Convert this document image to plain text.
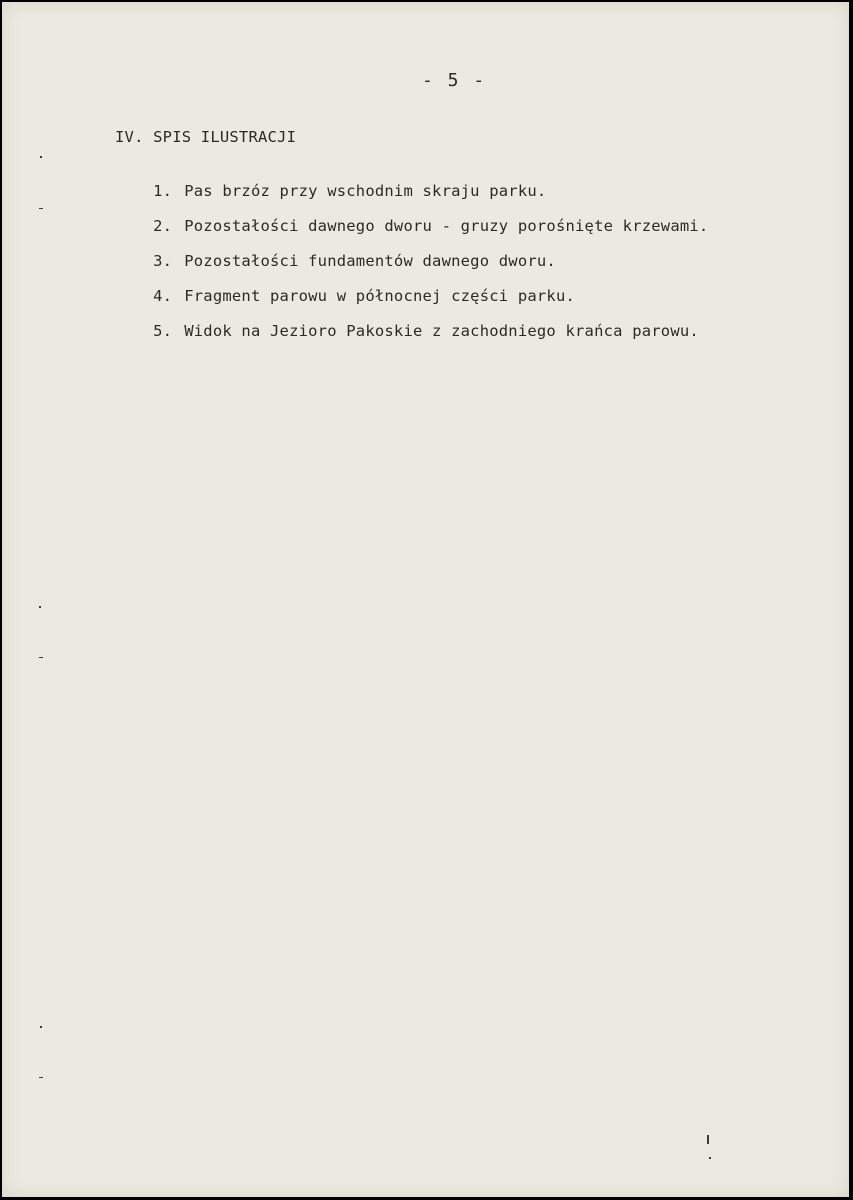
- 5 -
IV. SPIS ILUSTRACJI

1. Pas brzóz przy wschodnim skraju parku.

2. Pozostałości dawnego dworu - gruzy porośnięte krzewami.

3. Pozostałości fundamentów dawnego dworu.

4. Fragment parowu w północnej części parku.

5. Widok na Jezioro Pakoskie z zachodniego krańca parowu.
